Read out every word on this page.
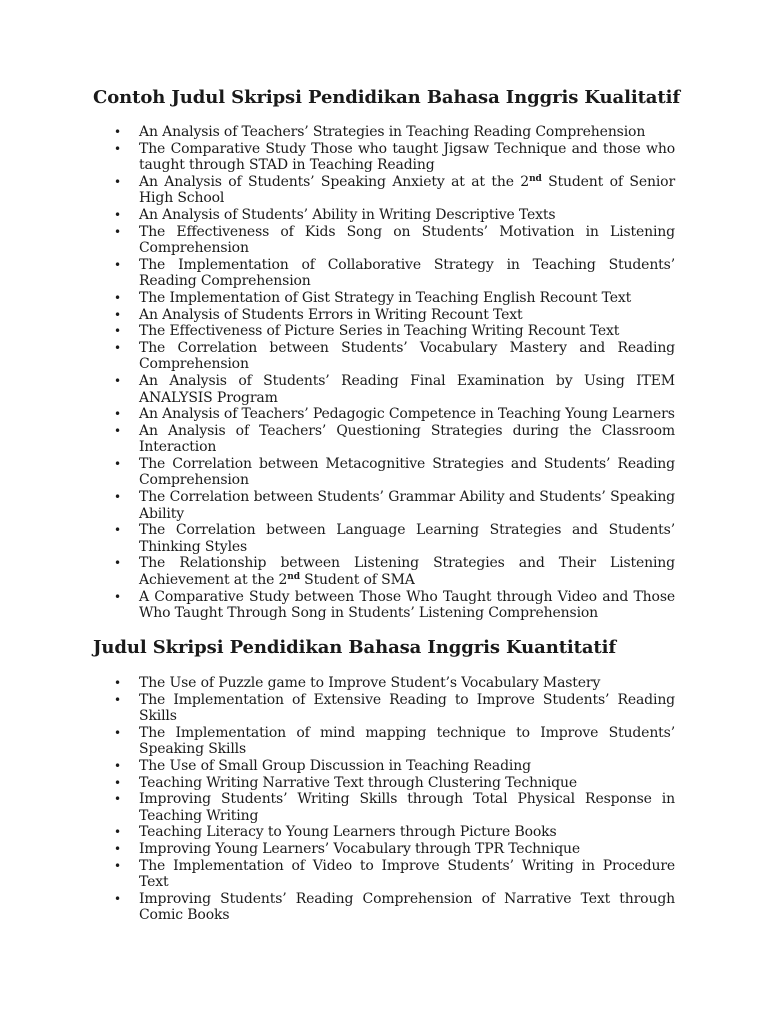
Contoh Judul Skripsi Pendidikan Bahasa Inggris Kualitatif
• An Analysis of Teachers’ Strategies in Teaching Reading Comprehension
• The Comparative Study Those who taught Jigsaw Technique and those who taught through STAD in Teaching Reading
• An Analysis of Students’ Speaking Anxiety at at the 2nd Student of Senior High School
• An Analysis of Students’ Ability in Writing Descriptive Texts
• The Effectiveness of Kids Song on Students’ Motivation in Listening Comprehension
• The Implementation of Collaborative Strategy in Teaching Students’ Reading Comprehension
• The Implementation of Gist Strategy in Teaching English Recount Text
• An Analysis of Students Errors in Writing Recount Text
• The Effectiveness of Picture Series in Teaching Writing Recount Text
• The Correlation between Students’ Vocabulary Mastery and Reading Comprehension
• An Analysis of Students’ Reading Final Examination by Using ITEM ANALYSIS Program
• An Analysis of Teachers’ Pedagogic Competence in Teaching Young Learners
• An Analysis of Teachers’ Questioning Strategies during the Classroom Interaction
• The Correlation between Metacognitive Strategies and Students’ Reading Comprehension
• The Correlation between Students’ Grammar Ability and Students’ Speaking Ability
• The Correlation between Language Learning Strategies and Students’ Thinking Styles
• The Relationship between Listening Strategies and Their Listening Achievement at the 2nd Student of SMA
• A Comparative Study between Those Who Taught through Video and Those Who Taught Through Song in Students’ Listening Comprehension
Judul Skripsi Pendidikan Bahasa Inggris Kuantitatif
• The Use of Puzzle game to Improve Student’s Vocabulary Mastery
• The Implementation of Extensive Reading to Improve Students’ Reading Skills
• The Implementation of mind mapping technique to Improve Students’ Speaking Skills
• The Use of Small Group Discussion in Teaching Reading
• Teaching Writing Narrative Text through Clustering Technique
• Improving Students’ Writing Skills through Total Physical Response in Teaching Writing
• Teaching Literacy to Young Learners through Picture Books
• Improving Young Learners’ Vocabulary through TPR Technique
• The Implementation of Video to Improve Students’ Writing in Procedure Text
• Improving Students’ Reading Comprehension of Narrative Text through Comic Books
